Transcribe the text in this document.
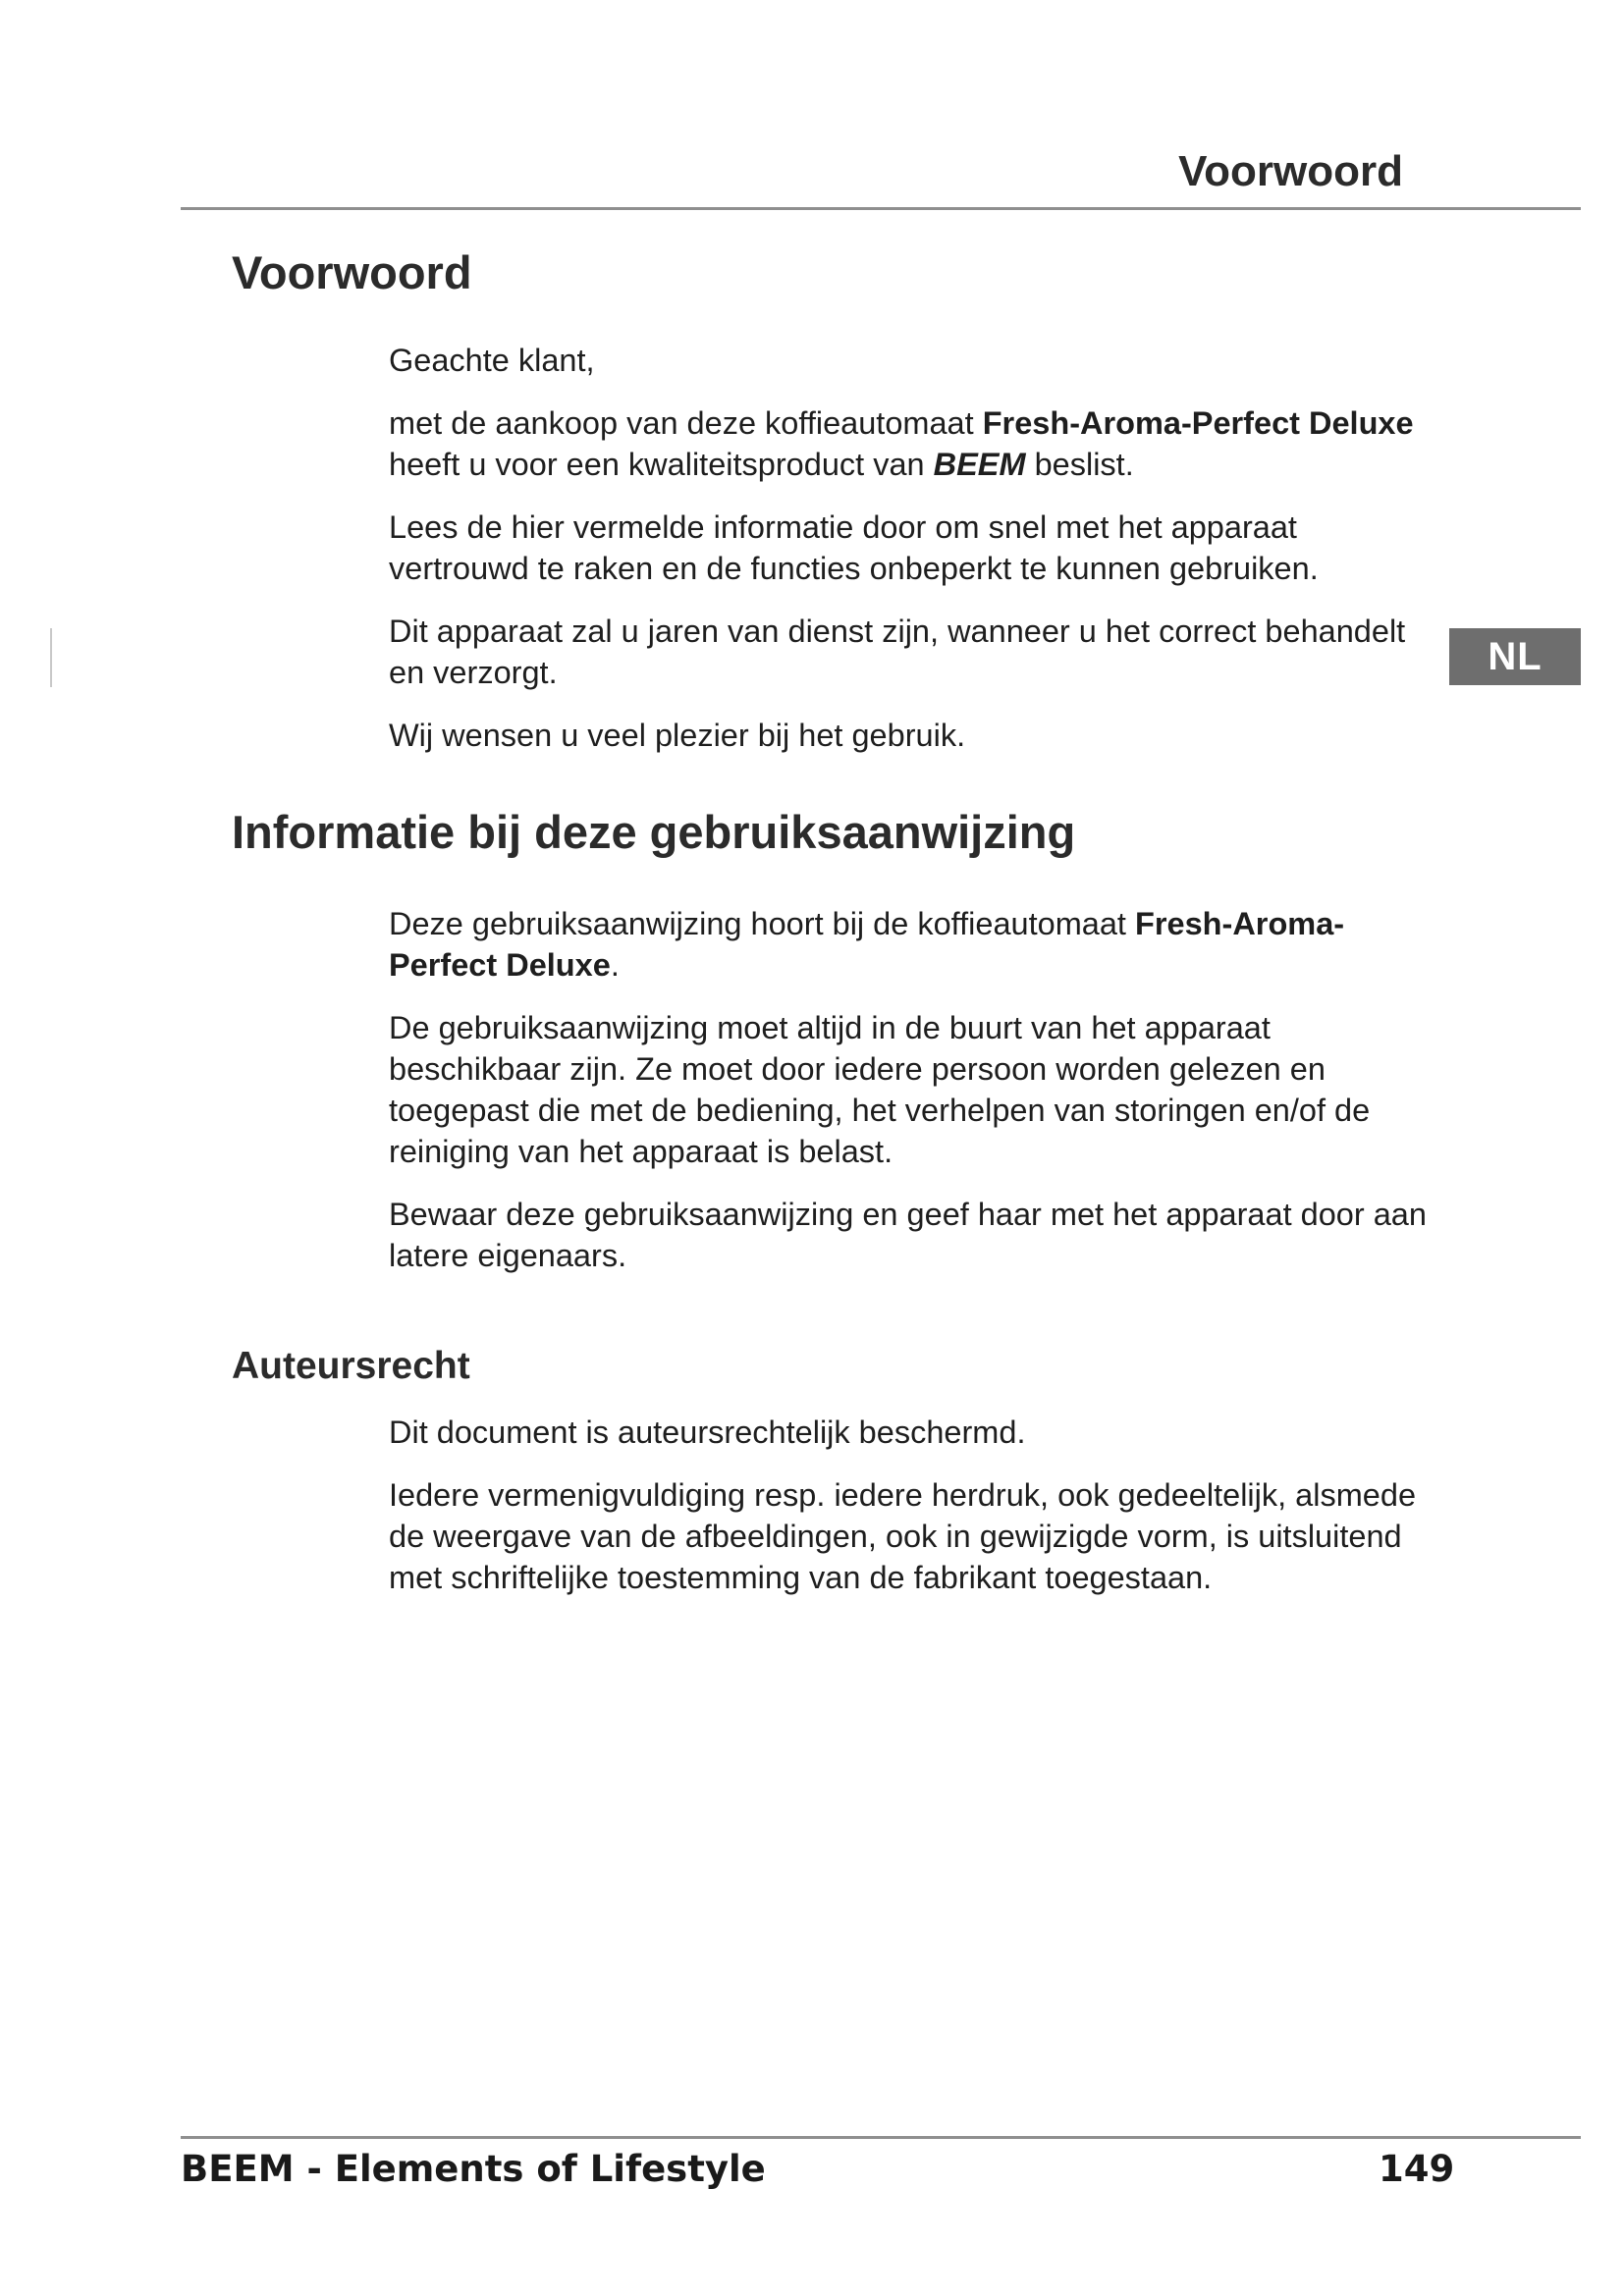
Voorwoord
NL
Voorwoord
Geachte klant,
met de aankoop van deze koffieautomaat Fresh-Aroma-Perfect Deluxe heeft u voor een kwaliteitsproduct van BEEM beslist.
Lees de hier vermelde informatie door om snel met het apparaat vertrouwd te raken en de functies onbeperkt te kunnen gebruiken.
Dit apparaat zal u jaren van dienst zijn, wanneer u het correct behandelt en verzorgt.
Wij wensen u veel plezier bij het gebruik.
Informatie bij deze gebruiksaanwijzing
Deze gebruiksaanwijzing hoort bij de koffieautomaat Fresh-Aroma-Perfect Deluxe.
De gebruiksaanwijzing moet altijd in de buurt van het apparaat beschikbaar zijn. Ze moet door iedere persoon worden gelezen en toegepast die met de bediening, het verhelpen van storingen en/of de reiniging van het apparaat is belast.
Bewaar deze gebruiksaanwijzing en geef haar met het apparaat door aan latere eigenaars.
Auteursrecht
Dit document is auteursrechtelijk beschermd.
Iedere vermenigvuldiging resp. iedere herdruk, ook gedeeltelijk, alsmede de weergave van de afbeeldingen, ook in gewijzigde vorm, is uitsluitend met schriftelijke toestemming van de fabrikant toegestaan.
BEEM - Elements of Lifestyle	149
